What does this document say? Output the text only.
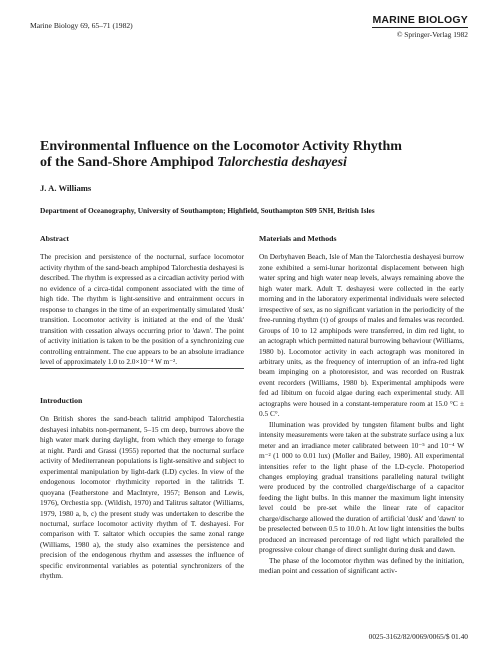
Marine Biology 69, 65–71 (1982)	MARINE BIOLOGY
© Springer-Verlag 1982
Environmental Influence on the Locomotor Activity Rhythm
of the Sand-Shore Amphipod Talorchestia deshayesi
J. A. Williams
Department of Oceanography, University of Southampton; Highfield, Southampton S09 5NH, British Isles
Abstract

The precision and persistence of the nocturnal, surface locomotor activity rhythm of the sand-beach amphipod Talorchestia deshayesi is described. The rhythm is expressed as a circadian activity period with no evidence of a circa-tidal component associated with the time of high tide. The rhythm is light-sensitive and entrainment occurs in response to changes in the time of an experimentally simulated 'dusk' transition. Locomotor activity is initiated at the end of the 'dusk' transition with cessation always occurring prior to 'dawn'. The point of activity initiation is taken to be the position of a synchronizing cue controlling entrainment. The cue appears to be an absolute irradiance level of approximately 1.0 to 2.0×10⁻⁴ W m⁻².

Introduction

On British shores the sand-beach talitrid amphipod Talorchestia deshayesi inhabits non-permanent, 5–15 cm deep, burrows above the high water mark during daylight, from which they emerge to forage at night. Pardi and Grassi (1955) reported that the nocturnal surface activity of Mediterranean populations is light-sensitive and subject to experimental manipulation by light-dark (LD) cycles. In view of the endogenous locomotor rhythmicity reported in the talitrids T. quoyana (Featherstone and MacIntyre, 1957; Benson and Lewis, 1976), Orchestia spp. (Wildish, 1970) and Talitrus saltator (Williams, 1979, 1980 a, b, c) the present study was undertaken to describe the nocturnal, surface locomotor activity rhythm of T. deshayesi. For comparison with T. saltator which occupies the same zonal range (Williams, 1980 a), the study also examines the persistence and precision of the endogenous rhythm and assesses the influence of specific environmental variables as potential synchronizers of the rhythm.

Materials and Methods

On Derbyhaven Beach, Isle of Man the Talorchestia deshayesi burrow zone exhibited a semi-lunar horizontal displacement between high water spring and high water neap levels, always remaining above the high water mark. Adult T. deshayesi were collected in the early morning and in the laboratory experimental individuals were selected irrespective of sex, as no significant variation in the periodicity of the free-running rhythm (τ) of groups of males and females was recorded. Groups of 10 to 12 amphipods were transferred, in dim red light, to an actograph which permitted natural burrowing behaviour (Williams, 1980 b). Locomotor activity in each actograph was monitored in arbitrary units, as the frequency of interruption of an infra-red light beam impinging on a photoresistor, and was recorded on Rustrak event recorders (Williams, 1980 b). Experimental amphipods were fed ad libitum on fucoid algae during each experimental study. All actographs were housed in a constant-temperature room at 15.0 °C ± 0.5 C°.

Illumination was provided by tungsten filament bulbs and light intensity measurements were taken at the substrate surface using a lux meter and an irradiance meter calibrated between 10⁻⁵ and 10⁻⁴ W m⁻² (1 000 to 0.01 lux) (Moller and Bailey, 1980). All experimental intensities refer to the light phase of the LD-cycle. Photoperiod changes employing gradual transitions paralleling natural twilight were produced by the controlled charge/discharge of a capacitor feeding the light bulbs. In this manner the maximum light intensity level could be pre-set while the linear rate of capacitor charge/discharge allowed the duration of artificial 'dusk' and 'dawn' to be preselected between 0.5 to 10.0 h. At low light intensities the bulbs produced an increased percentage of red light which paralleled the progressive colour change of direct sunlight during dusk and dawn.

The phase of the locomotor rhythm was defined by the initiation, median point and cessation of significant activ-

0025-3162/82/0069/0065/$ 01.40
